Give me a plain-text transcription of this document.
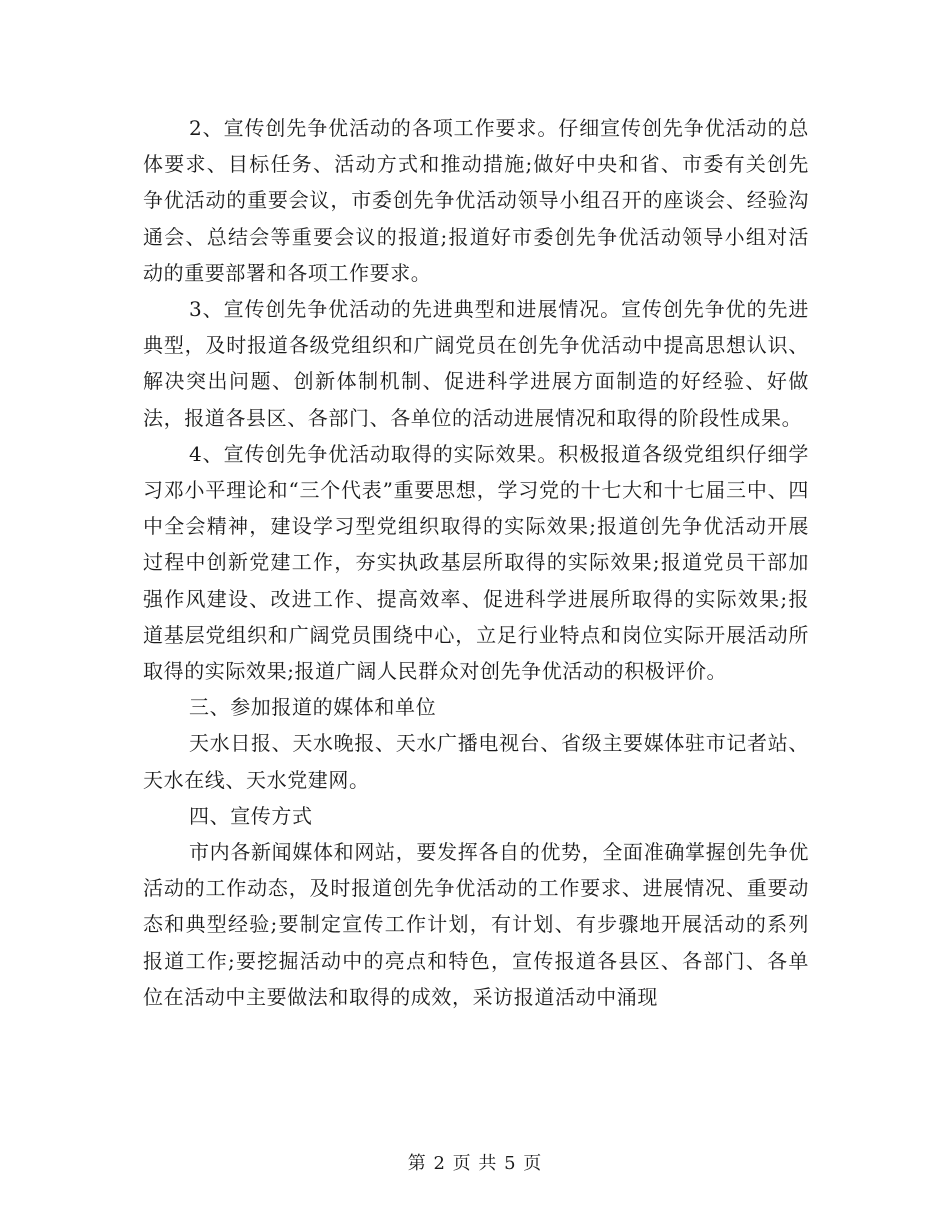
2、宣传创先争优活动的各项工作要求。仔细宣传创先争优活动的总体要求、目标任务、活动方式和推动措施;做好中央和省、市委有关创先争优活动的重要会议，市委创先争优活动领导小组召开的座谈会、经验沟通会、总结会等重要会议的报道;报道好市委创先争优活动领导小组对活动的重要部署和各项工作要求。

3、宣传创先争优活动的先进典型和进展情况。宣传创先争优的先进典型，及时报道各级党组织和广阔党员在创先争优活动中提高思想认识、解决突出问题、创新体制机制、促进科学进展方面制造的好经验、好做法，报道各县区、各部门、各单位的活动进展情况和取得的阶段性成果。

4、宣传创先争优活动取得的实际效果。积极报道各级党组织仔细学习邓小平理论和“三个代表”重要思想，学习党的十七大和十七届三中、四中全会精神，建设学习型党组织取得的实际效果;报道创先争优活动开展过程中创新党建工作，夯实执政基层所取得的实际效果;报道党员干部加强作风建设、改进工作、提高效率、促进科学进展所取得的实际效果;报道基层党组织和广阔党员围绕中心，立足行业特点和岗位实际开展活动所取得的实际效果;报道广阔人民群众对创先争优活动的积极评价。

三、参加报道的媒体和单位

天水日报、天水晚报、天水广播电视台、省级主要媒体驻市记者站、天水在线、天水党建网。

四、宣传方式

市内各新闻媒体和网站，要发挥各自的优势，全面准确掌握创先争优活动的工作动态，及时报道创先争优活动的工作要求、进展情况、重要动态和典型经验;要制定宣传工作计划，有计划、有步骤地开展活动的系列报道工作;要挖掘活动中的亮点和特色，宣传报道各县区、各部门、各单位在活动中主要做法和取得的成效，采访报道活动中涌现

第 2 页 共 5 页
